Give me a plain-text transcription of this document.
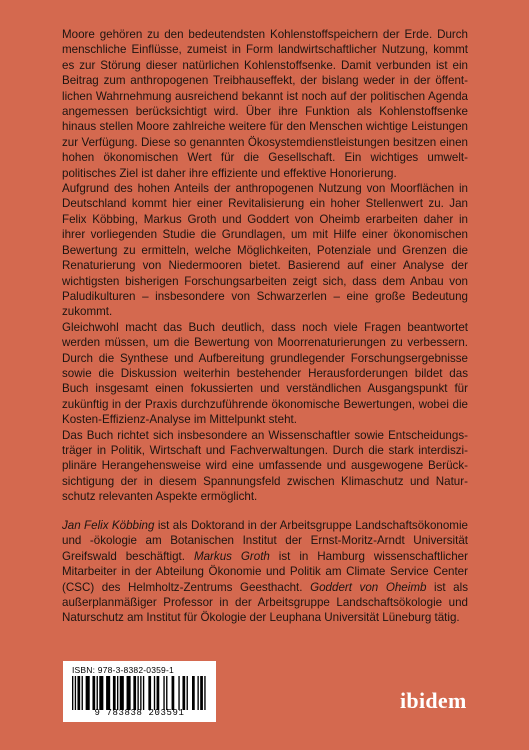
Moore gehören zu den bedeutendsten Kohlenstoffspeichern der Erde. Durch menschliche Einflüsse, zumeist in Form landwirtschaftlicher Nutzung, kommt es zur Störung dieser natürlichen Kohlenstoffsenke. Damit verbunden ist ein Beitrag zum anthropogenen Treibhauseffekt, der bislang weder in der öffentlichen Wahrnehmung ausreichend bekannt ist noch auf der politischen Agenda angemessen berücksichtigt wird. Über ihre Funktion als Kohlenstoffsenke hinaus stellen Moore zahlreiche weitere für den Menschen wichtige Leistungen zur Verfügung. Diese so genannten Ökosystemdienstleistungen besitzen einen hohen ökonomischen Wert für die Gesellschaft. Ein wichtiges umweltpolitisches Ziel ist daher ihre effiziente und effektive Honorierung.

Aufgrund des hohen Anteils der anthropogenen Nutzung von Moorflächen in Deutschland kommt hier einer Revitalisierung ein hoher Stellenwert zu. Jan Felix Köbbing, Markus Groth und Goddert von Oheimb erarbeiten daher in ihrer vorliegenden Studie die Grundlagen, um mit Hilfe einer ökonomischen Bewertung zu ermitteln, welche Möglichkeiten, Potenziale und Grenzen die Renaturierung von Niedermooren bietet. Basierend auf einer Analyse der wichtigsten bisherigen Forschungsarbeiten zeigt sich, dass dem Anbau von Paludikulturen – insbesondere von Schwarzerlen – eine große Bedeutung zukommt.

Gleichwohl macht das Buch deutlich, dass noch viele Fragen beantwortet werden müssen, um die Bewertung von Moorrenaturierungen zu verbessern. Durch die Synthese und Aufbereitung grundlegender Forschungsergebnisse sowie die Diskussion weiterhin bestehender Herausforderungen bildet das Buch insgesamt einen fokussierten und verständlichen Ausgangspunkt für zukünftig in der Praxis durchzuführende ökonomische Bewertungen, wobei die Kosten-Effizienz-Analyse im Mittelpunkt steht.

Das Buch richtet sich insbesondere an Wissenschaftler sowie Entscheidungsträger in Politik, Wirtschaft und Fachverwaltungen. Durch die stark interdisziplinäre Herangehensweise wird eine umfassende und ausgewogene Berücksichtigung der in diesem Spannungsfeld zwischen Klimaschutz und Naturschutz relevanten Aspekte ermöglicht.

Jan Felix Köbbing ist als Doktorand in der Arbeitsgruppe Landschaftsökonomie und -ökologie am Botanischen Institut der Ernst-Moritz-Arndt Universität Greifswald beschäftigt. Markus Groth ist in Hamburg wissenschaftlicher Mitarbeiter in der Abteilung Ökonomie und Politik am Climate Service Center (CSC) des Helmholtz-Zentrums Geesthacht. Goddert von Oheimb ist als außerplanmäßiger Professor in der Arbeitsgruppe Landschaftsökologie und Naturschutz am Institut für Ökologie der Leuphana Universität Lüneburg tätig.

ISBN: 978-3-8382-0359-1
9 783838 203591	ibidem
